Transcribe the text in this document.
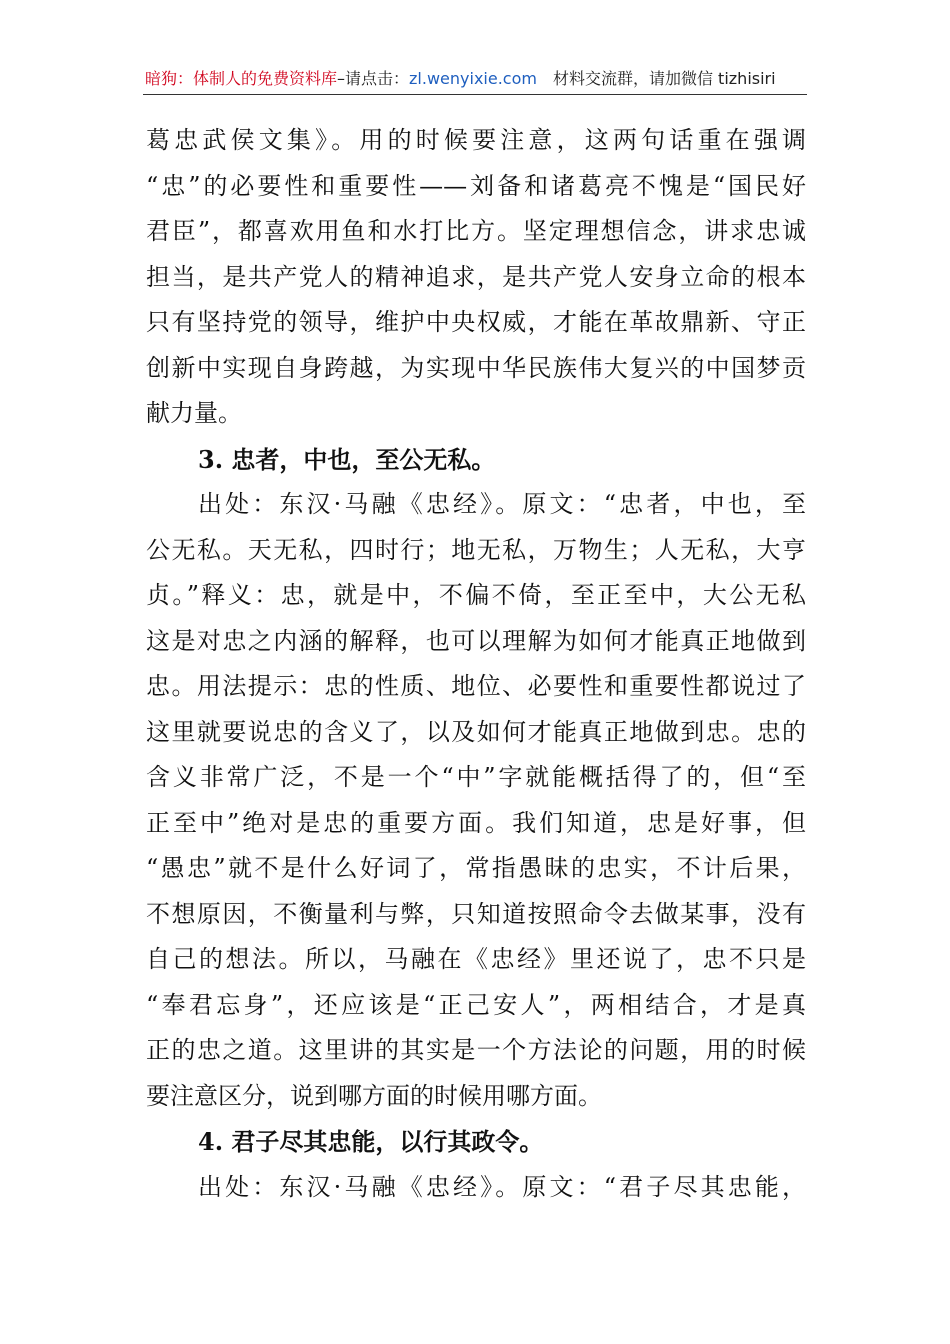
暗狗：体制人的免费资料库–请点击：zl.wenyixie.com 材料交流群，请加微信 tizhisiri
葛忠武侯文集》。用的时候要注意，这两句话重在强调
“忠”的必要性和重要性——刘备和诸葛亮不愧是“国民好
君臣”，都喜欢用鱼和水打比方。坚定理想信念，讲求忠诚
担当，是共产党人的精神追求，是共产党人安身立命的根本
只有坚持党的领导，维护中央权威，才能在革故鼎新、守正
创新中实现自身跨越，为实现中华民族伟大复兴的中国梦贡
献力量。
3. 忠者，中也，至公无私。
出处：东汉·马融《忠经》。原文：“忠者，中也，至
公无私。天无私，四时行；地无私，万物生；人无私，大亨
贞。”释义：忠，就是中，不偏不倚，至正至中，大公无私
这是对忠之内涵的解释，也可以理解为如何才能真正地做到
忠。用法提示：忠的性质、地位、必要性和重要性都说过了
这里就要说忠的含义了，以及如何才能真正地做到忠。忠的
含义非常广泛，不是一个“中”字就能概括得了的，但“至
正至中”绝对是忠的重要方面。我们知道，忠是好事，但
“愚忠”就不是什么好词了，常指愚昧的忠实，不计后果，
不想原因，不衡量利与弊，只知道按照命令去做某事，没有
自己的想法。所以，马融在《忠经》里还说了，忠不只是
“奉君忘身”，还应该是“正己安人”，两相结合，才是真
正的忠之道。这里讲的其实是一个方法论的问题，用的时候
要注意区分，说到哪方面的时候用哪方面。
4. 君子尽其忠能，以行其政令。
出处：东汉·马融《忠经》。原文：“君子尽其忠能，
